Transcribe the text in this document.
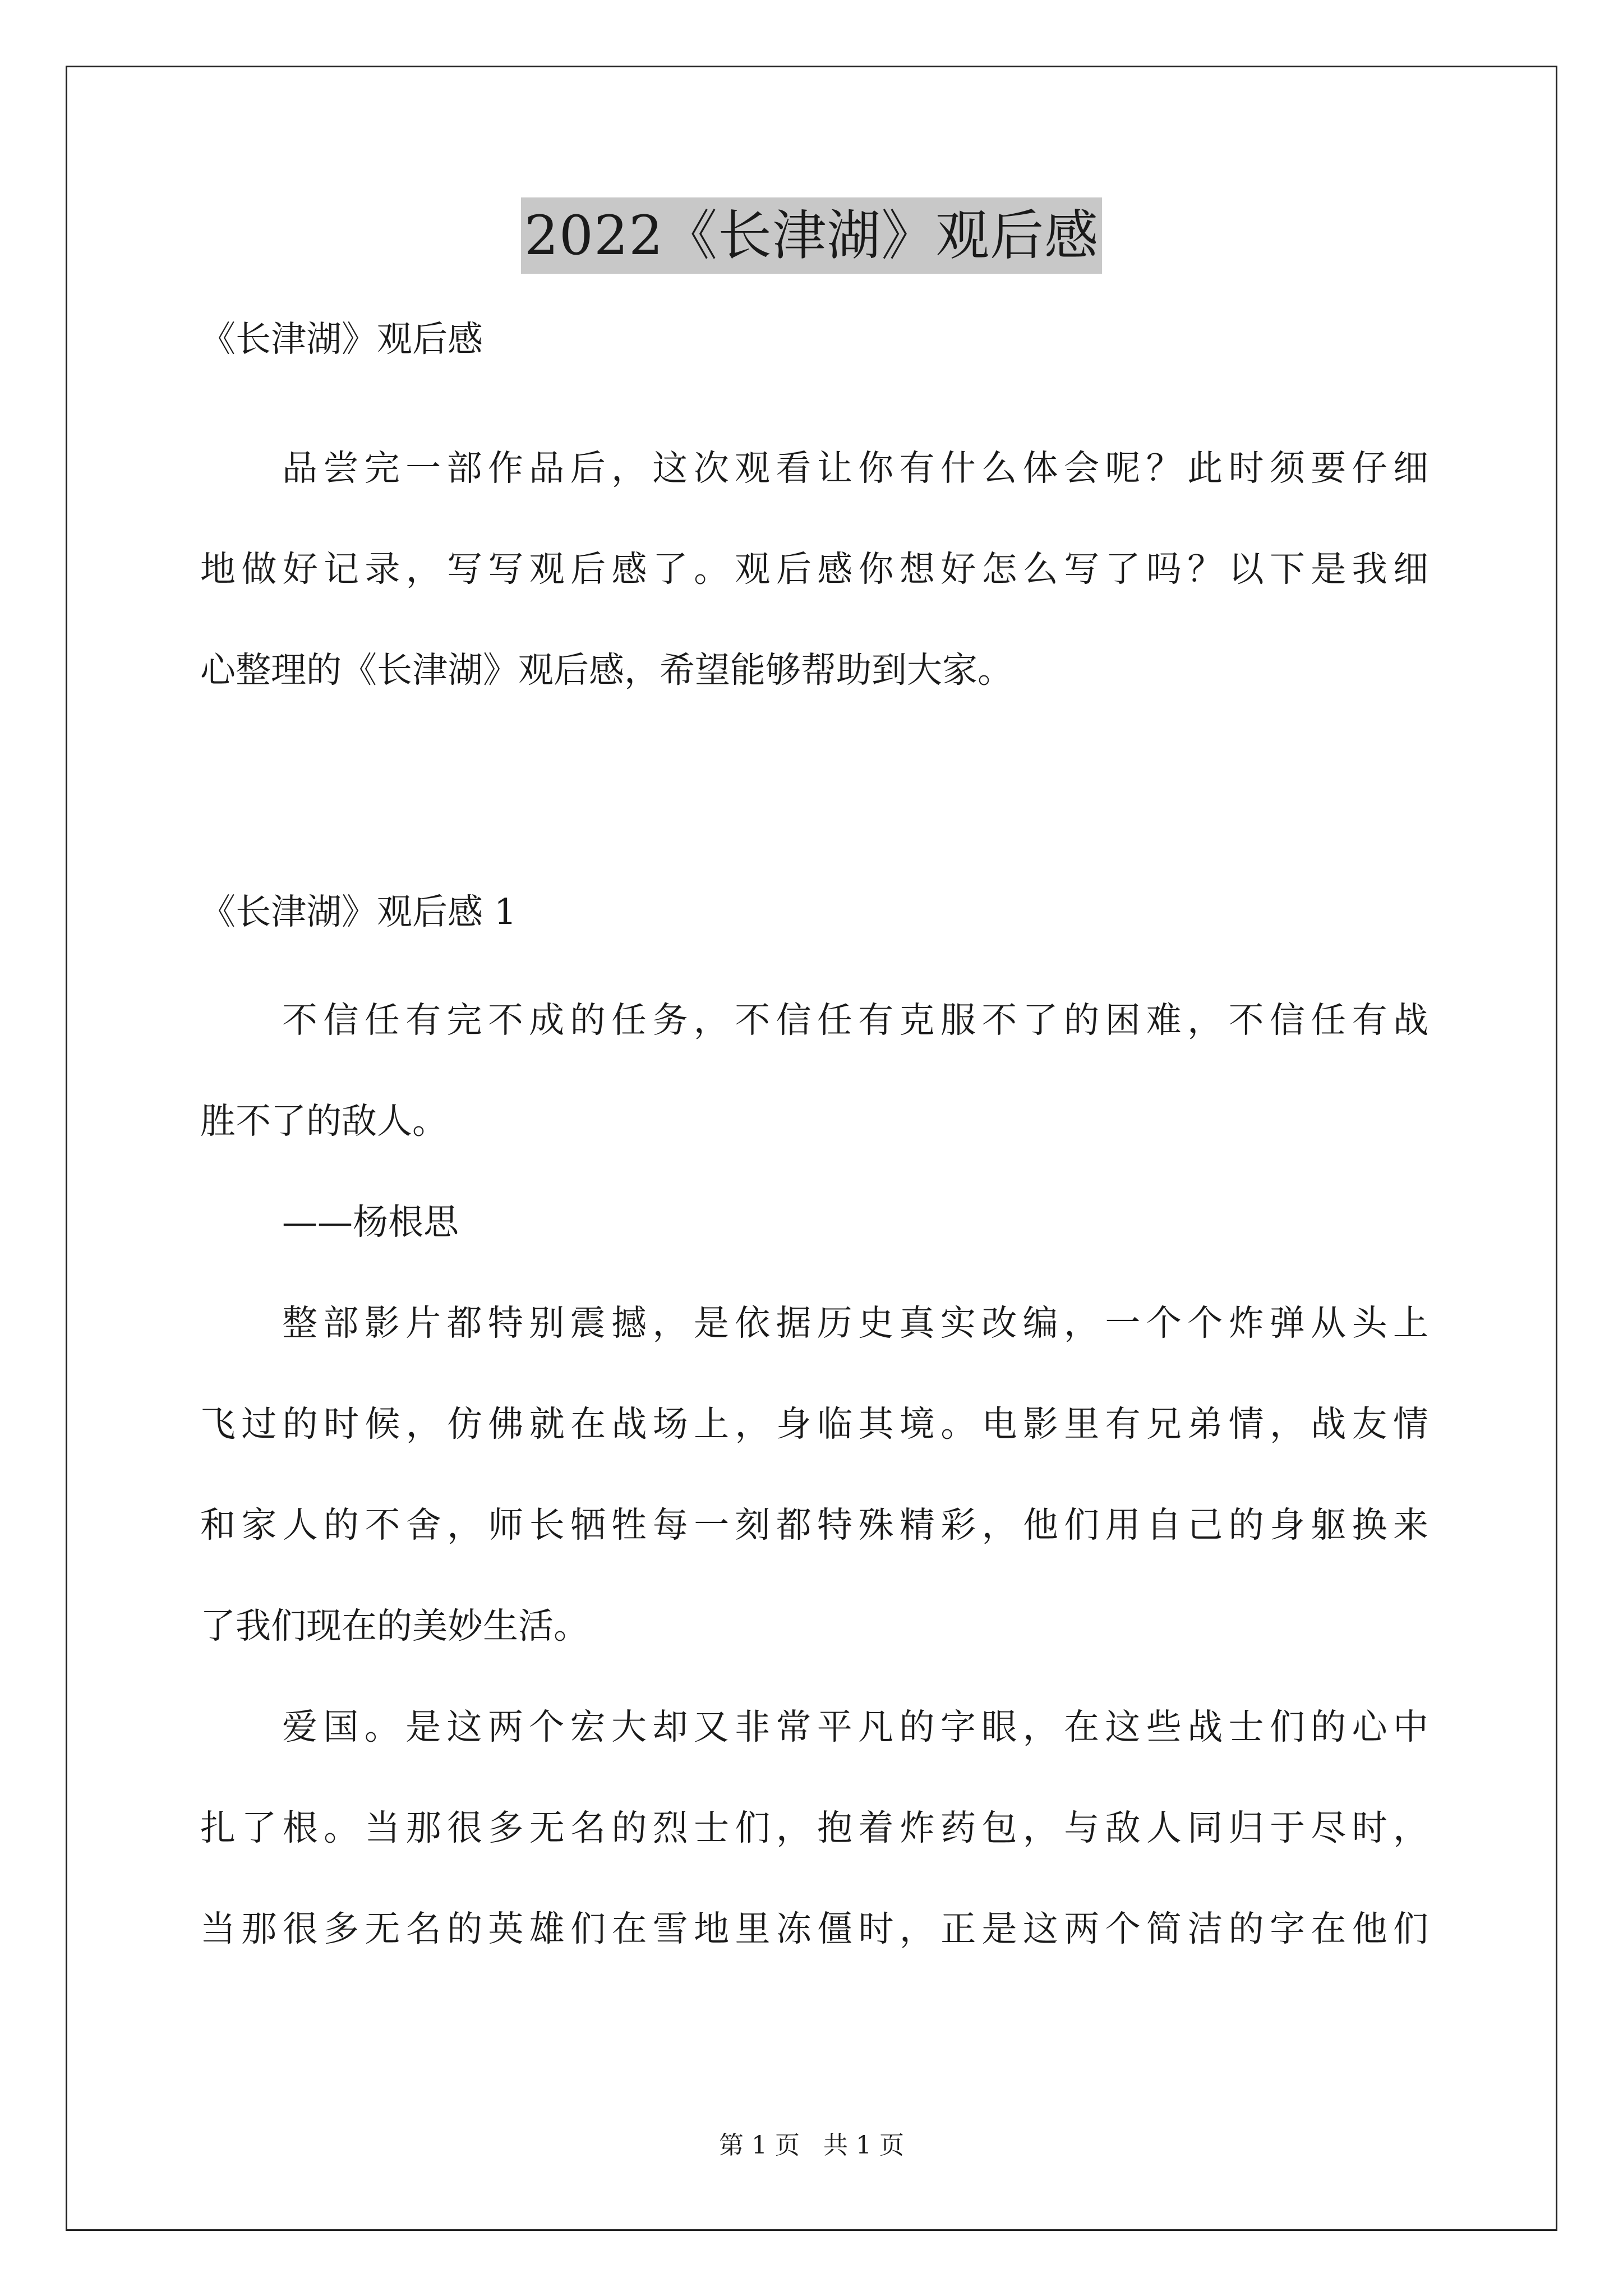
2022《长津湖》观后感
《长津湖》观后感
品尝完一部作品后，这次观看让你有什么体会呢？此时须要仔细
地做好记录，写写观后感了。观后感你想好怎么写了吗？以下是我细
心整理的《长津湖》观后感，希望能够帮助到大家。
《长津湖》观后感 1
不信任有完不成的任务，不信任有克服不了的困难，不信任有战
胜不了的敌人。
——杨根思
整部影片都特别震撼，是依据历史真实改编，一个个炸弹从头上
飞过的时候，仿佛就在战场上，身临其境。电影里有兄弟情，战友情
和家人的不舍，师长牺牲每一刻都特殊精彩，他们用自己的身躯换来
了我们现在的美妙生活。
爱国。是这两个宏大却又非常平凡的字眼，在这些战士们的心中
扎了根。当那很多无名的烈士们，抱着炸药包，与敌人同归于尽时，
当那很多无名的英雄们在雪地里冻僵时，正是这两个简洁的字在他们
第 1 页   共 1 页
